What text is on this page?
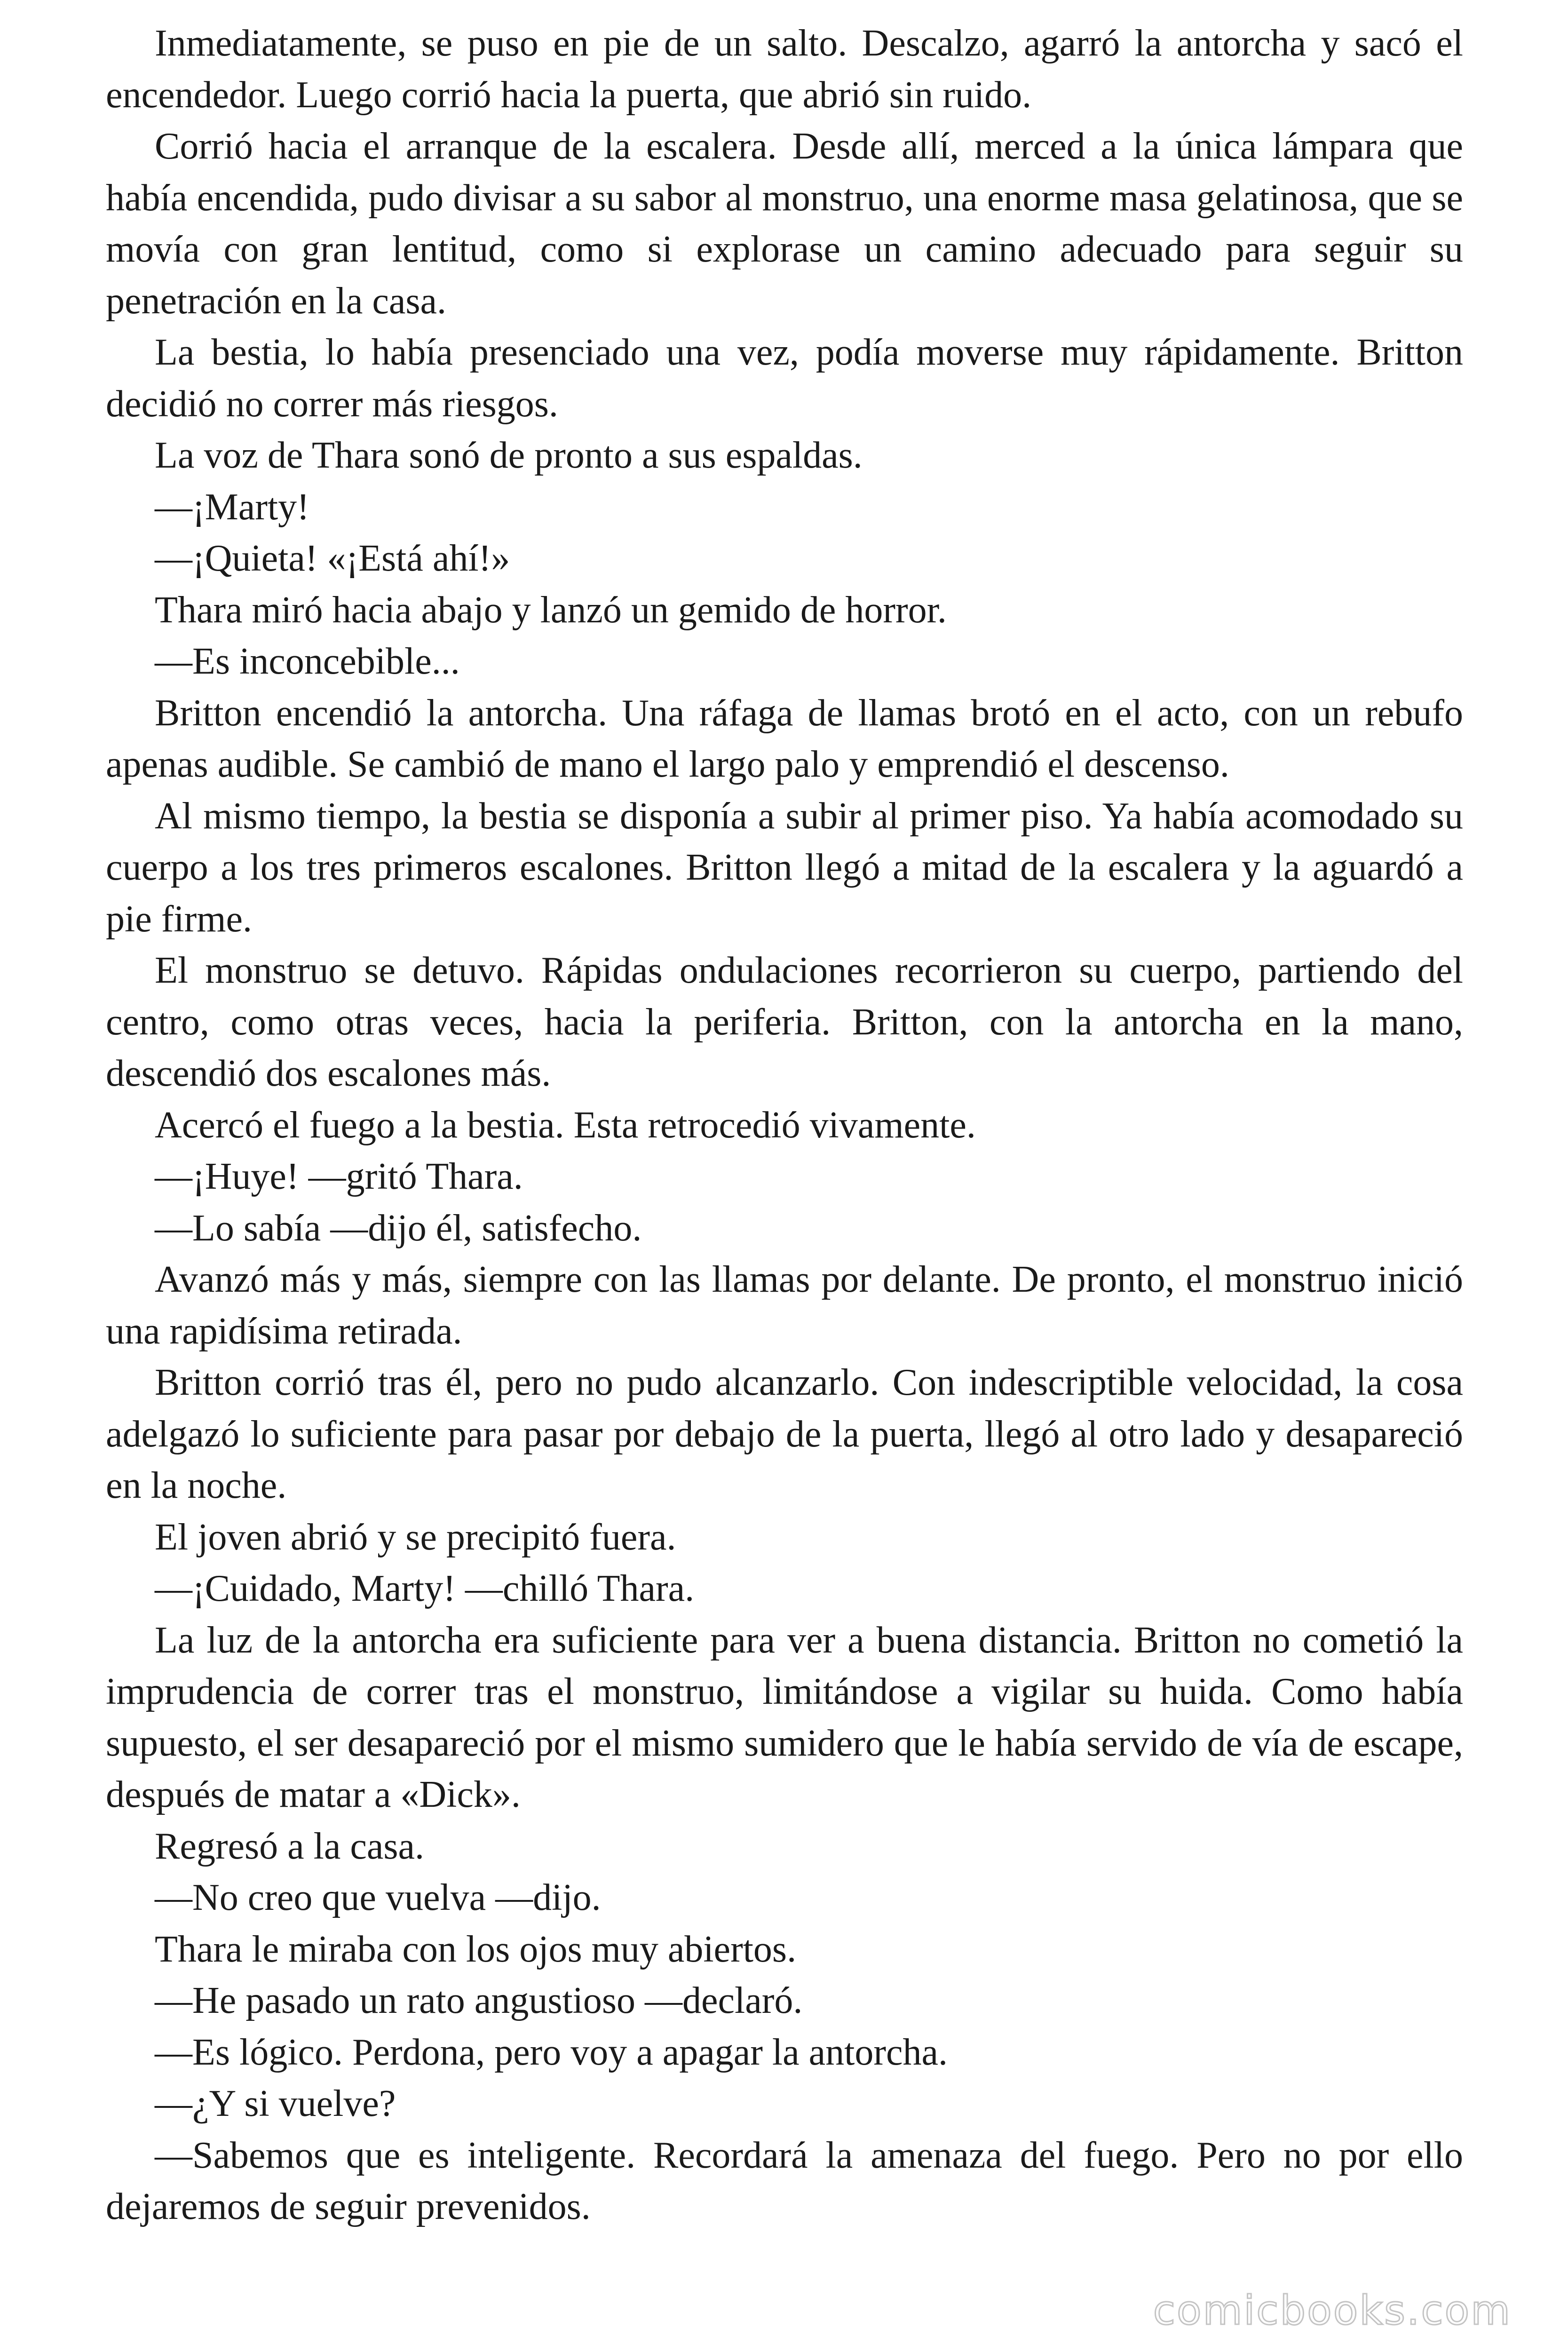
Inmediatamente, se puso en pie de un salto. Descalzo, agarró la antorcha y sacó el encendedor. Luego corrió hacia la puerta, que abrió sin ruido.

Corrió hacia el arranque de la escalera. Desde allí, merced a la única lámpara que había encendida, pudo divisar a su sabor al monstruo, una enorme masa gelatinosa, que se movía con gran lentitud, como si explorase un camino adecuado para seguir su penetración en la casa.

La bestia, lo había presenciado una vez, podía moverse muy rápidamente. Britton decidió no correr más riesgos.

La voz de Thara sonó de pronto a sus espaldas.

—¡Marty!

—¡Quieta! «¡Está ahí!»

Thara miró hacia abajo y lanzó un gemido de horror.

—Es inconcebible...

Britton encendió la antorcha. Una ráfaga de llamas brotó en el acto, con un rebufo apenas audible. Se cambió de mano el largo palo y emprendió el descenso.

Al mismo tiempo, la bestia se disponía a subir al primer piso. Ya había acomodado su cuerpo a los tres primeros escalones. Britton llegó a mitad de la escalera y la aguardó a pie firme.

El monstruo se detuvo. Rápidas ondulaciones recorrieron su cuerpo, partiendo del centro, como otras veces, hacia la periferia. Britton, con la antorcha en la mano, descendió dos escalones más.

Acercó el fuego a la bestia. Esta retrocedió vivamente.

—¡Huye! —gritó Thara.

—Lo sabía —dijo él, satisfecho.

Avanzó más y más, siempre con las llamas por delante. De pronto, el monstruo inició una rapidísima retirada.

Britton corrió tras él, pero no pudo alcanzarlo. Con indescriptible velocidad, la cosa adelgazó lo suficiente para pasar por debajo de la puerta, llegó al otro lado y desapareció en la noche.

El joven abrió y se precipitó fuera.

—¡Cuidado, Marty! —chilló Thara.

La luz de la antorcha era suficiente para ver a buena distancia. Britton no cometió la imprudencia de correr tras el monstruo, limitándose a vigilar su huida. Como había supuesto, el ser desapareció por el mismo sumidero que le había servido de vía de escape, después de matar a «Dick».

Regresó a la casa.

—No creo que vuelva —dijo.

Thara le miraba con los ojos muy abiertos.

—He pasado un rato angustioso —declaró.

—Es lógico. Perdona, pero voy a apagar la antorcha.

—¿Y si vuelve?

—Sabemos que es inteligente. Recordará la amenaza del fuego. Pero no por ello dejaremos de seguir prevenidos.

comicbooks.com
